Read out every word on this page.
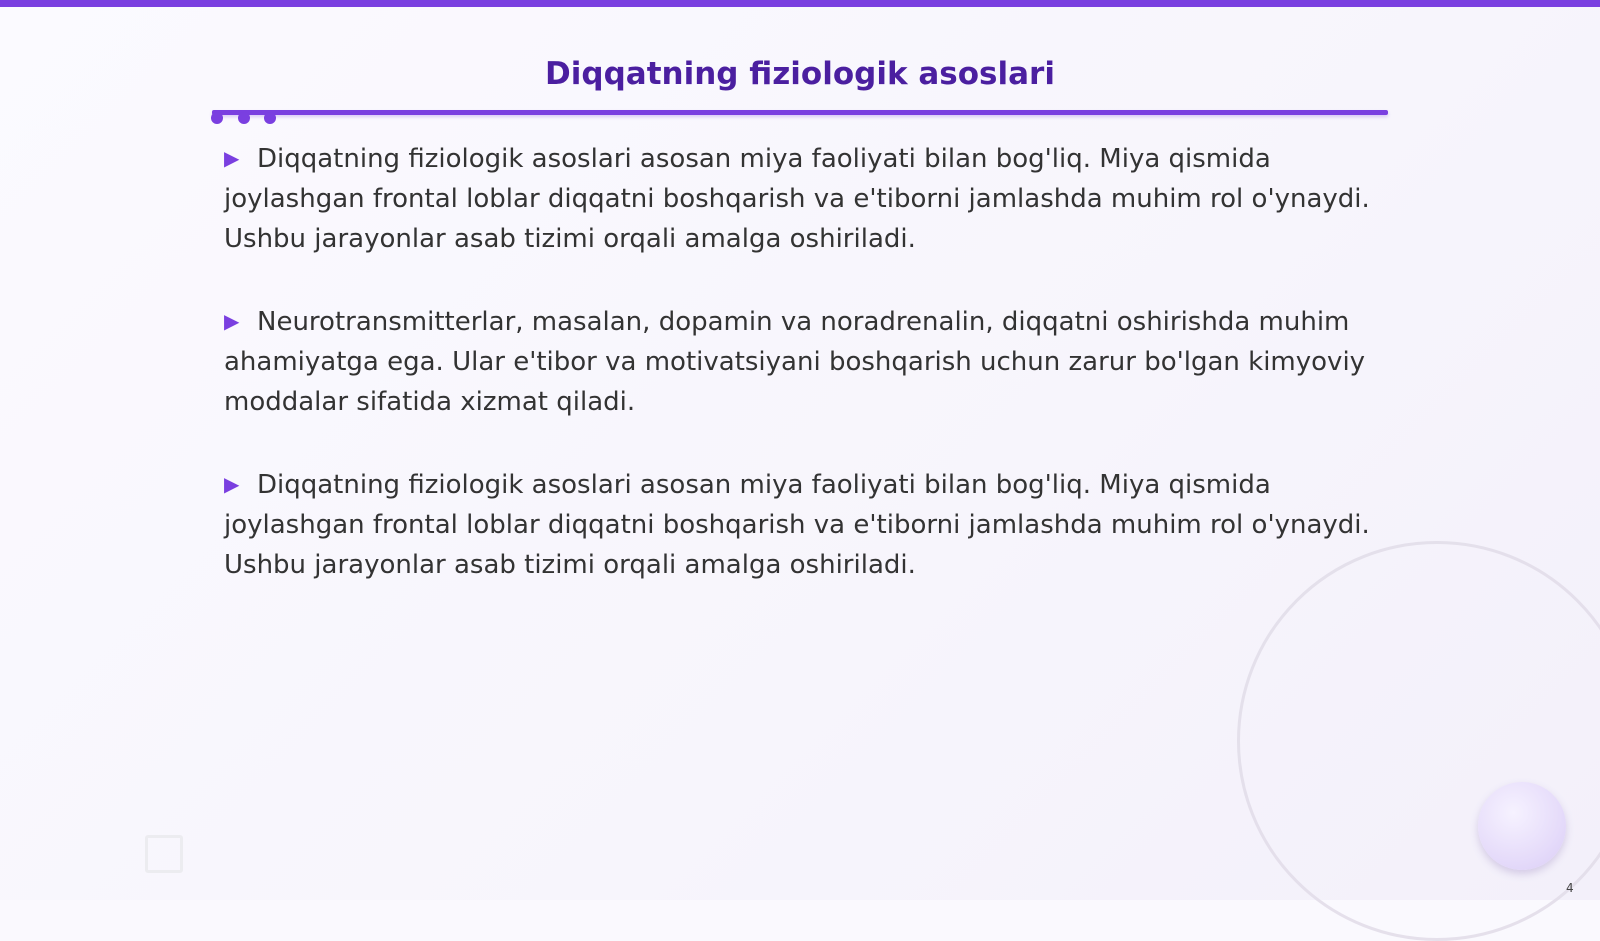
Diqqatning fiziologik asoslari

▶ Diqqatning fiziologik asoslari asosan miya faoliyati bilan bog'liq. Miya qismida joylashgan frontal loblar diqqatni boshqarish va e'tiborni jamlashda muhim rol o'ynaydi. Ushbu jarayonlar asab tizimi orqali amalga oshiriladi.

▶ Neurotransmitterlar, masalan, dopamin va noradrenalin, diqqatni oshirishda muhim ahamiyatga ega. Ular e'tibor va motivatsiyani boshqarish uchun zarur bo'lgan kimyoviy moddalar sifatida xizmat qiladi.

▶ Diqqatning fiziologik asoslari asosan miya faoliyati bilan bog'liq. Miya qismida joylashgan frontal loblar diqqatni boshqarish va e'tiborni jamlashda muhim rol o'ynaydi. Ushbu jarayonlar asab tizimi orqali amalga oshiriladi.

4
